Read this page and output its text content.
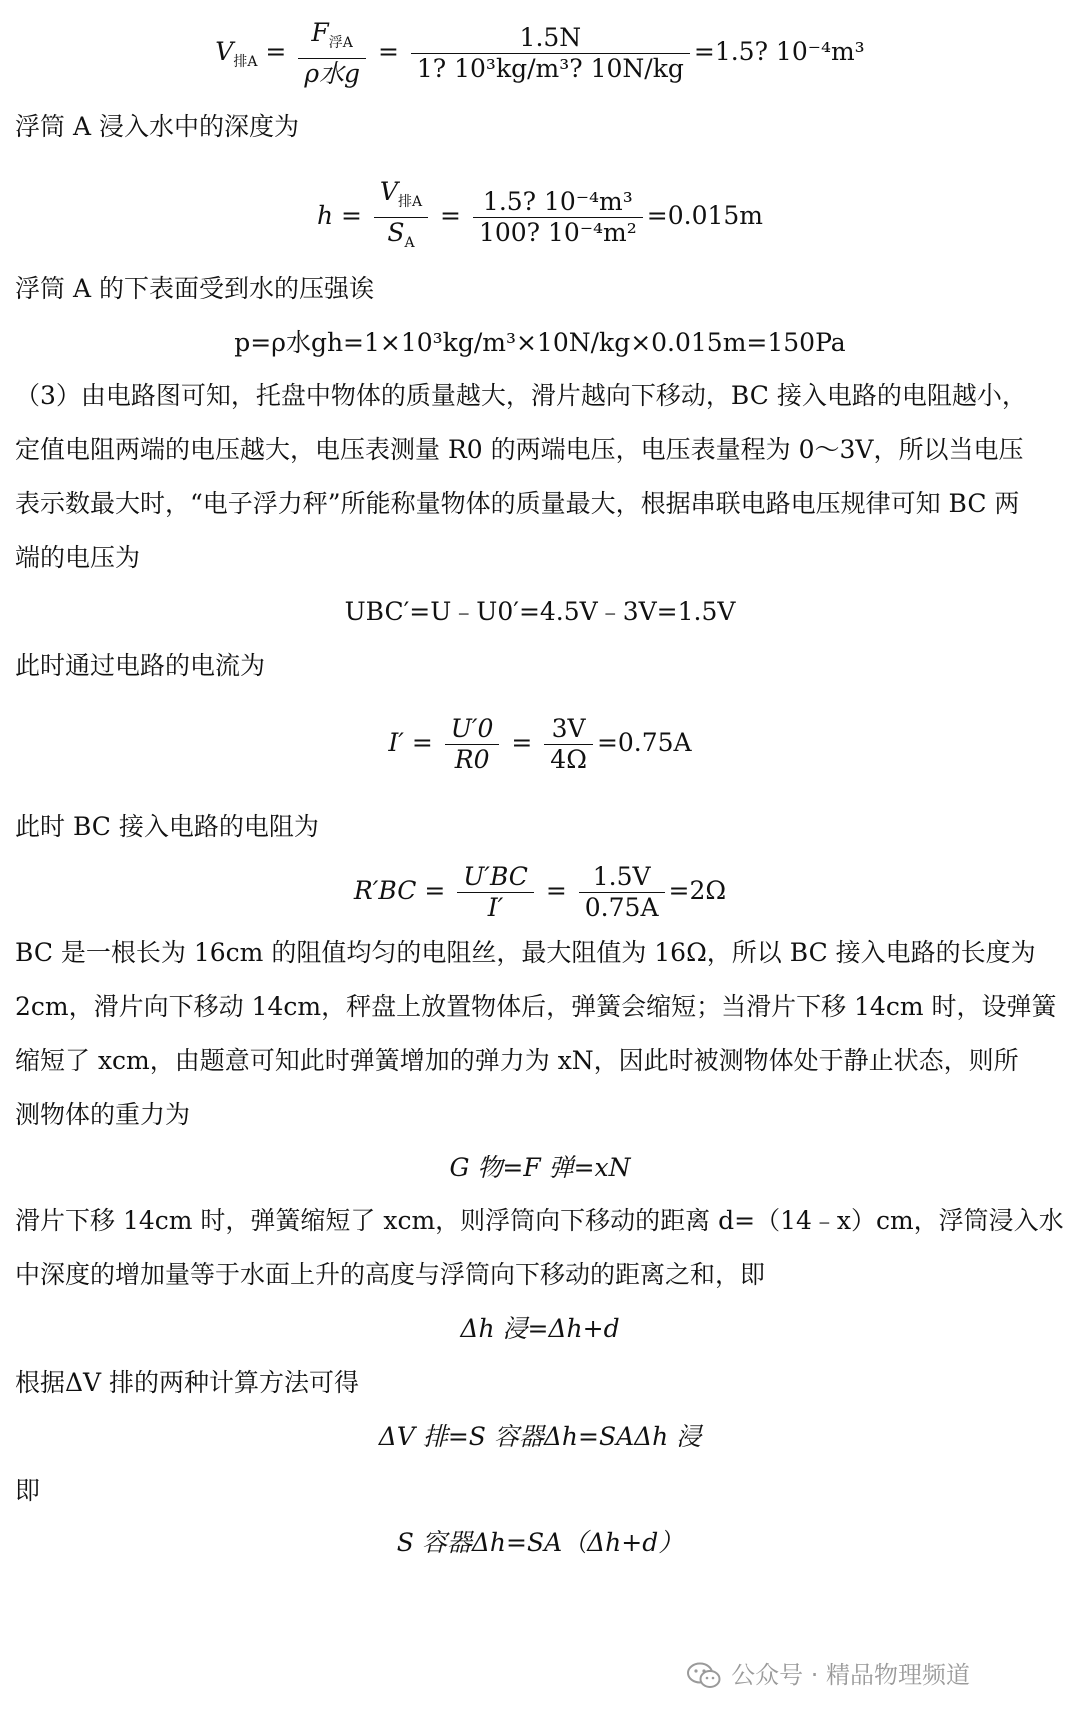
$V_{排A} = \frac{F_{浮A}}{\text{ρ水g}} = \frac{1.5N}{\text{1? 10³kg/m³? 10N/kg}} =1.5$? 10⁻⁴m³
浮筒 A 浸入水中的深度为
$h = \frac{V_{排A}}{S_A} = \frac{\text{1.5? 10⁻⁴m³}}{\text{100? 10⁻⁴m²}} =0.015m$
浮筒 A 的下表面受到水的压强诶
p=ρ水gh=1×10³kg/m³×10N/kg×0.015m=150Pa
（3）由电路图可知，托盘中物体的质量越大，滑片越向下移动，BC 接入电路的电阻越小，
定值电阻两端的电压越大，电压表测量 R0 的两端电压，电压表量程为 0～3V，所以当电压
表示数最大时，“电子浮力秤”所能称量物体的质量最大，根据串联电路电压规律可知 BC 两
端的电压为
UBC′=U﹣U0′=4.5V﹣3V=1.5V
此时通过电路的电流为
$I' = \frac{U'0}{R0} = \frac{3V}{4\Omega} =0.75A$
此时 BC 接入电路的电阻为
$R'BC = \frac{U'BC}{I'} = \frac{1.5V}{0.75A} =2\Omega$
BC 是一根长为 16cm 的阻值均匀的电阻丝，最大阻值为 16Ω，所以 BC 接入电路的长度为
2cm，滑片向下移动 14cm，秤盘上放置物体后，弹簧会缩短；当滑片下移 14cm 时，设弹簧
缩短了 xcm，由题意可知此时弹簧增加的弹力为 xN，因此时被测物体处于静止状态，则所
测物体的重力为
G 物=F 弹=xN
滑片下移 14cm 时，弹簧缩短了 xcm，则浮筒向下移动的距离 d=（14﹣x）cm，浮筒浸入水
中深度的增加量等于水面上升的高度与浮筒向下移动的距离之和，即
Δh 浸=Δh+d
根据ΔV 排的两种计算方法可得
ΔV 排=S 容器Δh=SAΔh 浸
即
S 容器Δh=SA（Δh+d）
公众号 · 精品物理频道
